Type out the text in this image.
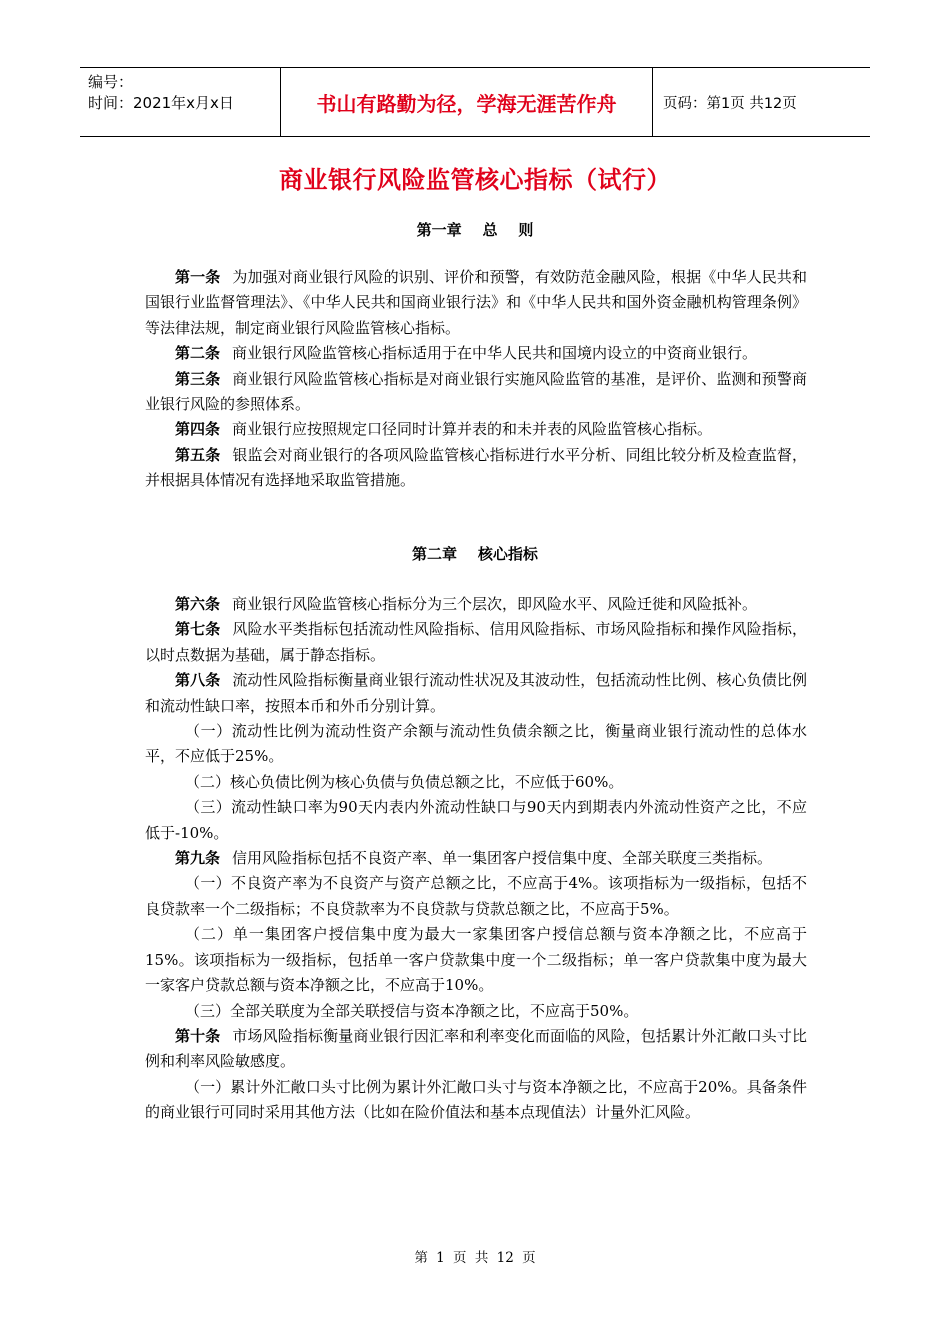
编号：
时间：2021年x月x日	书山有路勤为径，学海无涯苦作舟	页码：第1页 共12页
商业银行风险监管核心指标（试行）
第一章    总    则

第一条 为加强对商业银行风险的识别、评价和预警，有效防范金融风险，根据《中华人民共和国银行业监督管理法》、《中华人民共和国商业银行法》和《中华人民共和国外资金融机构管理条例》等法律法规，制定商业银行风险监管核心指标。

第二条 商业银行风险监管核心指标适用于在中华人民共和国境内设立的中资商业银行。

第三条 商业银行风险监管核心指标是对商业银行实施风险监管的基准，是评价、监测和预警商业银行风险的参照体系。

第四条 商业银行应按照规定口径同时计算并表的和未并表的风险监管核心指标。

第五条 银监会对商业银行的各项风险监管核心指标进行水平分析、同组比较分析及检查监督，并根据具体情况有选择地采取监管措施。

第二章    核心指标

第六条 商业银行风险监管核心指标分为三个层次，即风险水平、风险迁徙和风险抵补。

第七条 风险水平类指标包括流动性风险指标、信用风险指标、市场风险指标和操作风险指标，以时点数据为基础，属于静态指标。

第八条 流动性风险指标衡量商业银行流动性状况及其波动性，包括流动性比例、核心负债比例和流动性缺口率，按照本币和外币分别计算。

（一）流动性比例为流动性资产余额与流动性负债余额之比，衡量商业银行流动性的总体水平，不应低于25%。

（二）核心负债比例为核心负债与负债总额之比，不应低于60%。

（三）流动性缺口率为90天内表内外流动性缺口与90天内到期表内外流动性资产之比，不应低于-10%。

第九条 信用风险指标包括不良资产率、单一集团客户授信集中度、全部关联度三类指标。

（一）不良资产率为不良资产与资产总额之比，不应高于4%。该项指标为一级指标，包括不良贷款率一个二级指标；不良贷款率为不良贷款与贷款总额之比，不应高于5%。

（二）单一集团客户授信集中度为最大一家集团客户授信总额与资本净额之比，不应高于15%。该项指标为一级指标，包括单一客户贷款集中度一个二级指标；单一客户贷款集中度为最大一家客户贷款总额与资本净额之比，不应高于10%。

（三）全部关联度为全部关联授信与资本净额之比，不应高于50%。

第十条 市场风险指标衡量商业银行因汇率和利率变化而面临的风险，包括累计外汇敞口头寸比例和利率风险敏感度。

（一）累计外汇敞口头寸比例为累计外汇敞口头寸与资本净额之比，不应高于20%。具备条件的商业银行可同时采用其他方法（比如在险价值法和基本点现值法）计量外汇风险。

第 1 页 共 12 页
